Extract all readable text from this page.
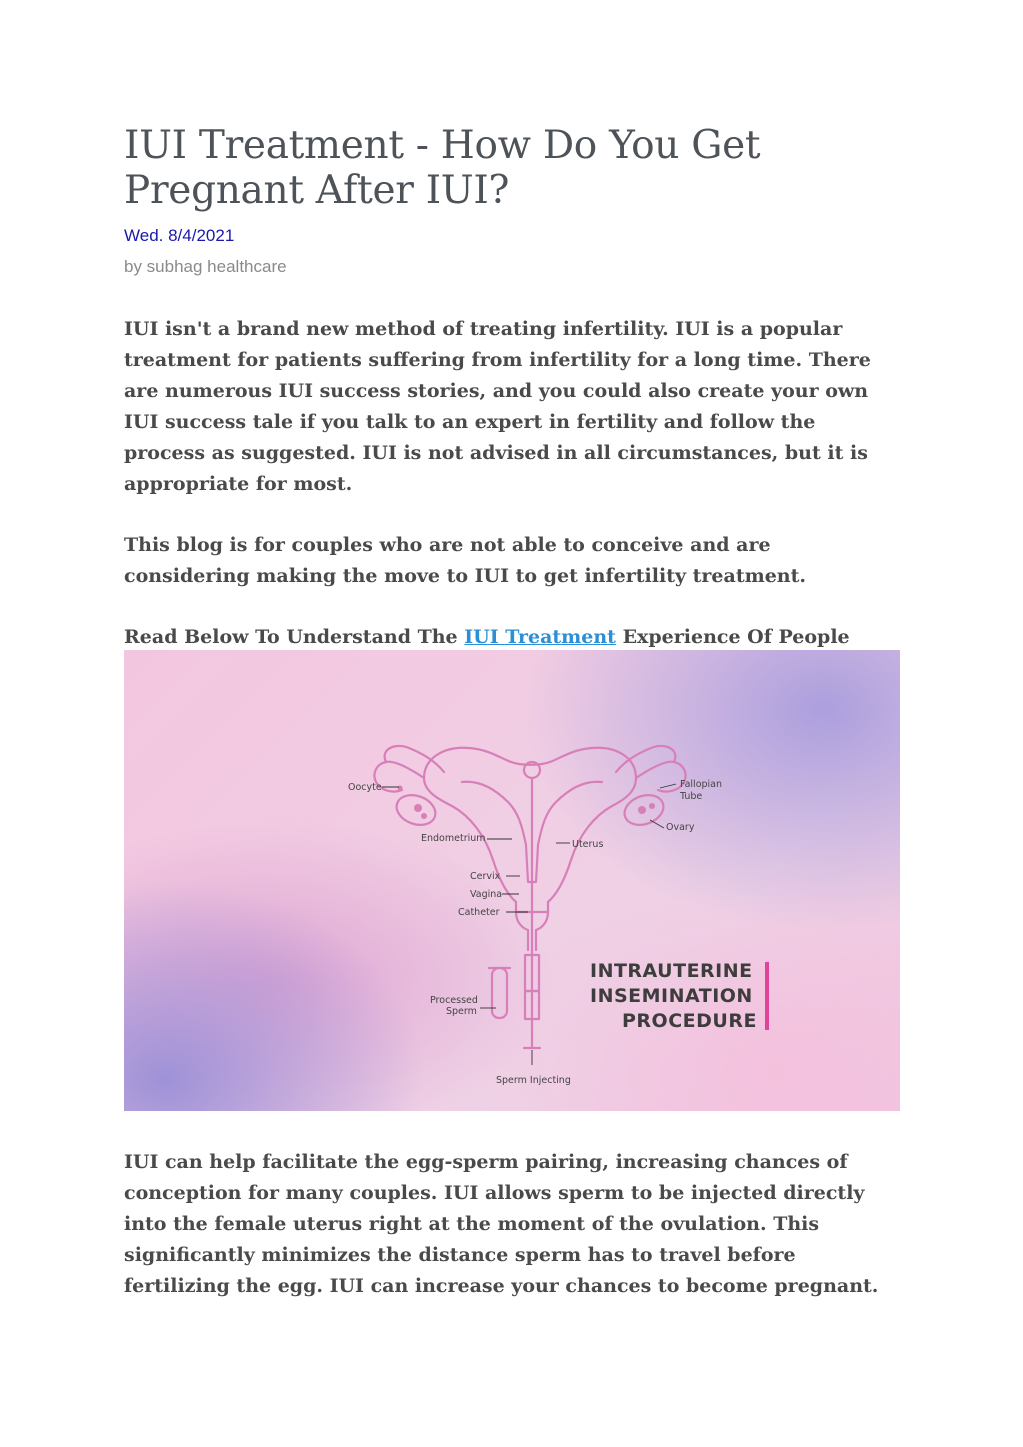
IUI Treatment - How Do You Get Pregnant After IUI?
Wed. 8/4/2021
by subhag healthcare

IUI isn't a brand new method of treating infertility. IUI is a popular treatment for patients suffering from infertility for a long time. There are numerous IUI success stories, and you could also create your own IUI success tale if you talk to an expert in fertility and follow the process as suggested. IUI is not advised in all circumstances, but it is appropriate for most.

This blog is for couples who are not able to conceive and are considering making the move to IUI to get infertility treatment.

Read Below To Understand The IUI Treatment Experience Of People

Oocyte	Fallopian
Tube
Ovary
Endometrium
Uterus
Cervix
Vagina
Catheter
Processed
Sperm
Sperm Injecting
INTRAUTERINE
INSEMINATION
PROCEDURE

IUI can help facilitate the egg-sperm pairing, increasing chances of conception for many couples. IUI allows sperm to be injected directly into the female uterus right at the moment of the ovulation. This significantly minimizes the distance sperm has to travel before fertilizing the egg. IUI can increase your chances to become pregnant.
